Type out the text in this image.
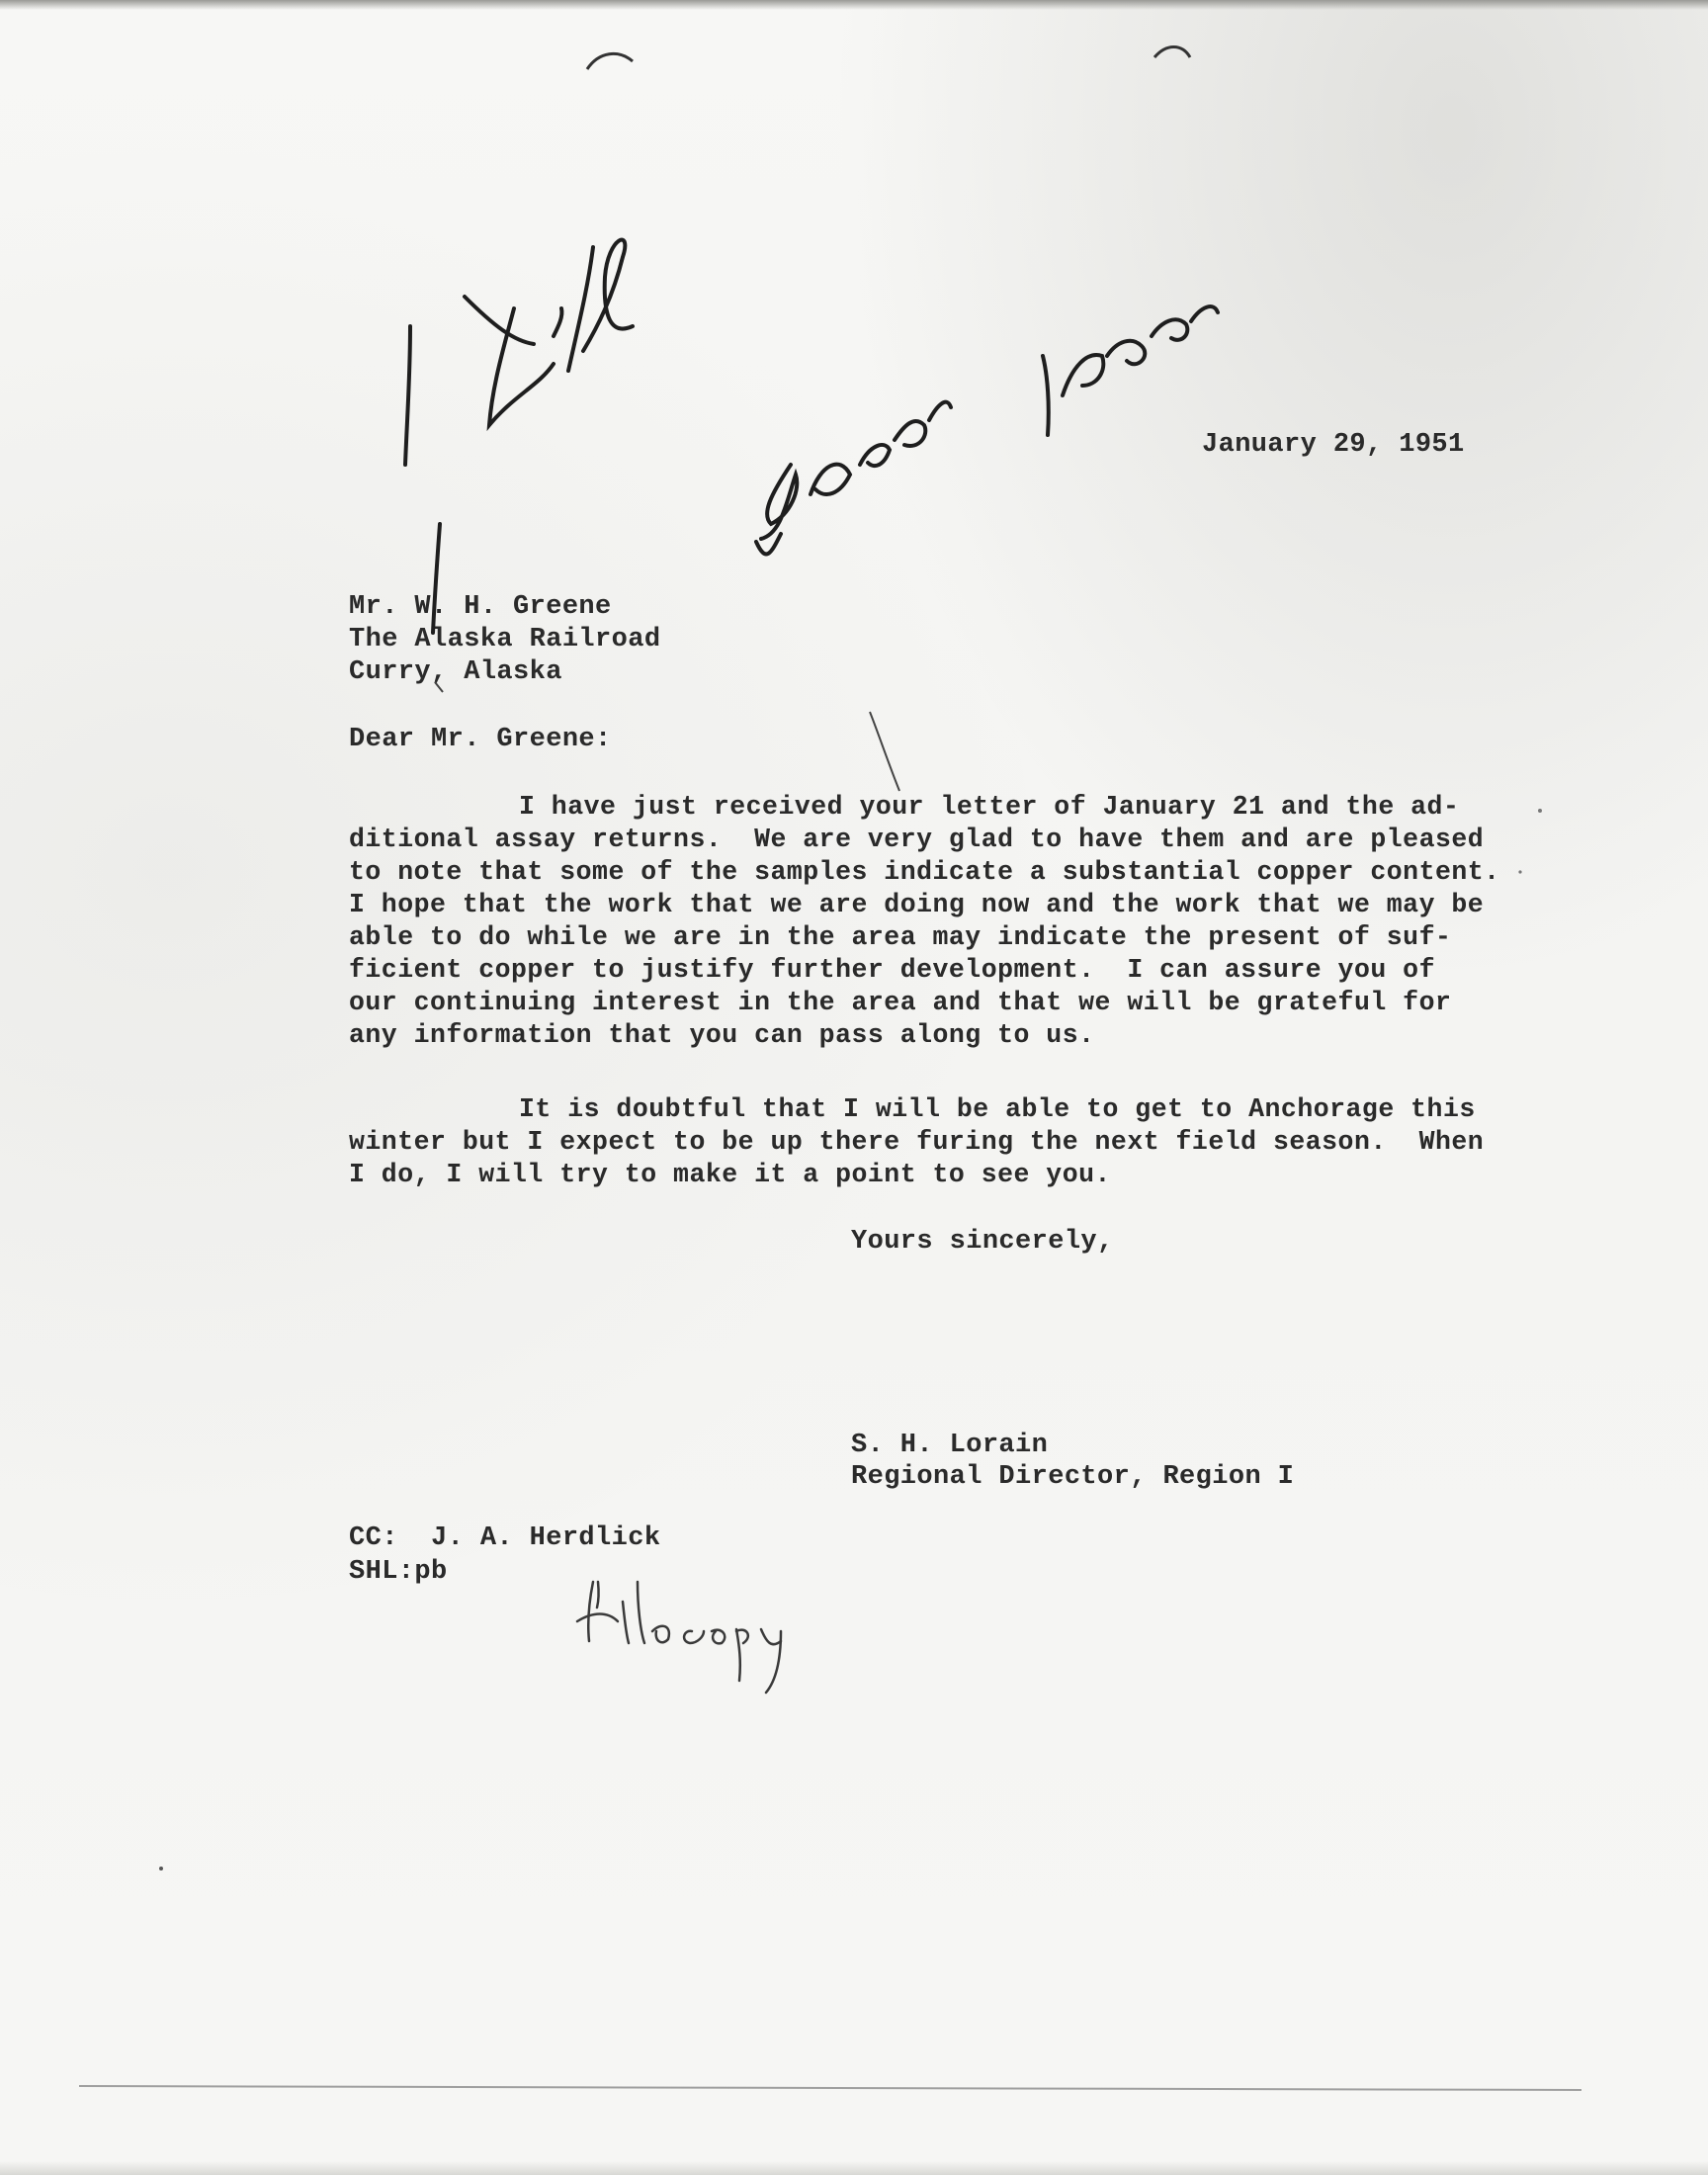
January 29, 1951
Mr. W. H. Greene
The Alaska Railroad
Curry, Alaska
Dear Mr. Greene:
I have just received your letter of January 21 and the ad-
ditional assay returns.  We are very glad to have them and are pleased
to note that some of the samples indicate a substantial copper content.
I hope that the work that we are doing now and the work that we may be
able to do while we are in the area may indicate the present of suf-
ficient copper to justify further development.  I can assure you of
our continuing interest in the area and that we will be grateful for
any information that you can pass along to us.
It is doubtful that I will be able to get to Anchorage this
winter but I expect to be up there furing the next field season.  When
I do, I will try to make it a point to see you.
Yours sincerely,
S. H. Lorain
Regional Director, Region I
CC:  J. A. Herdlick
SHL:pb
